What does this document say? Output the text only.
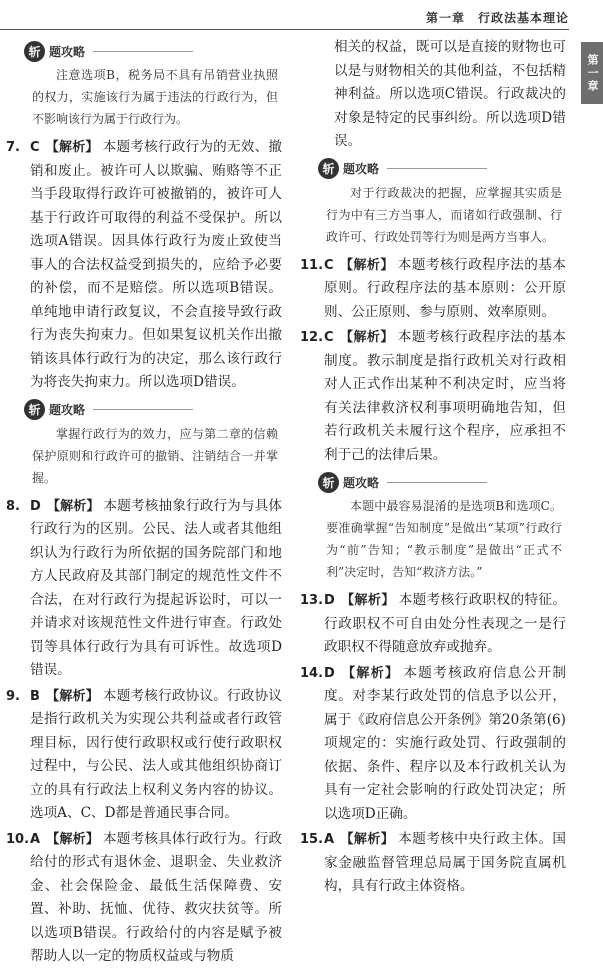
第一章　行政法基本理论
第一章
斩 题攻略

注意选项B，税务局不具有吊销营业执照的权力，实施该行为属于违法的行政行为，但不影响该行为属于行政行为。

7. C 【解析】 本题考核行政行为的无效、撤销和废止。被许可人以欺骗、贿赂等不正当手段取得行政许可被撤销的，被许可人基于行政许可取得的利益不受保护。所以选项A错误。因具体行政行为废止致使当事人的合法权益受到损失的，应给予必要的补偿，而不是赔偿。所以选项B错误。单纯地申请行政复议，不会直接导致行政行为丧失拘束力。但如果复议机关作出撤销该具体行政行为的决定，那么该行政行为将丧失拘束力。所以选项D错误。
斩 题攻略

掌握行政行为的效力，应与第二章的信赖保护原则和行政许可的撤销、注销结合一并掌握。

8. D 【解析】 本题考核抽象行政行为与具体行政行为的区别。公民、法人或者其他组织认为行政行为所依据的国务院部门和地方人民政府及其部门制定的规范性文件不合法，在对行政行为提起诉讼时，可以一并请求对该规范性文件进行审查。行政处罚等具体行政行为具有可诉性。故选项D错误。
9. B 【解析】 本题考核行政协议。行政协议是指行政机关为实现公共利益或者行政管理目标，因行使行政职权或行使行政职权过程中，与公民、法人或其他组织协商订立的具有行政法上权利义务内容的协议。选项A、C、D都是普通民事合同。
10. A 【解析】 本题考核具体行政行为。行政给付的形式有退休金、退职金、失业救济金、社会保险金、最低生活保障费、安置、补助、抚恤、优待、救灾扶贫等。所以选项B错误。行政给付的内容是赋予被帮助人以一定的物质权益或与物质

相关的权益，既可以是直接的财物也可以是与财物相关的其他利益，不包括精神利益。所以选项C错误。行政裁决的对象是特定的民事纠纷。所以选项D错误。

斩 题攻略

对于行政裁决的把握，应掌握其实质是行为中有三方当事人，而诸如行政强制、行政许可、行政处罚等行为则是两方当事人。

11. C 【解析】 本题考核行政程序法的基本原则。行政程序法的基本原则：公开原则、公正原则、参与原则、效率原则。
12. C 【解析】 本题考核行政程序法的基本制度。教示制度是指行政机关对行政相对人正式作出某种不利决定时，应当将有关法律救济权利事项明确地告知，但若行政机关未履行这个程序，应承担不利于己的法律后果。
斩 题攻略

本题中最容易混淆的是选项B和选项C。要准确掌握“告知制度”是做出“某项”行政行为“前”告知；“教示制度”是做出“正式不利”决定时，告知“救济方法。”

13. D 【解析】 本题考核行政职权的特征。行政职权不可自由处分性表现之一是行政职权不得随意放弃或抛弃。
14. D 【解析】 本题考核政府信息公开制度。对李某行政处罚的信息予以公开，属于《政府信息公开条例》第20条第(6)项规定的：实施行政处罚、行政强制的依据、条件、程序以及本行政机关认为具有一定社会影响的行政处罚决定；所以选项D正确。
15. A 【解析】 本题考核中央行政主体。国家金融监督管理总局属于国务院直属机构，具有行政主体资格。
